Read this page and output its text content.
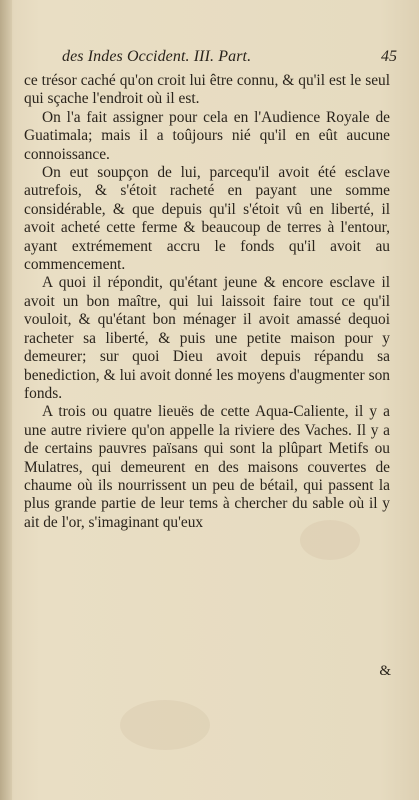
des Indes Occident. III. Part.	45

ce trésor caché qu'on croit lui être connu, & qu'il est le seul qui sçache l'endroit où il est.

On l'a fait assigner pour cela en l'Audience Royale de Guatimala; mais il a toûjours nié qu'il en eût aucune connoissance.

On eut soupçon de lui, parcequ'il avoit été esclave autrefois, & s'étoit racheté en payant une somme considérable, & que depuis qu'il s'étoit vû en liberté, il avoit acheté cette ferme & beaucoup de terres à l'entour, ayant extrémement accru le fonds qu'il avoit au commencement.

A quoi il répondit, qu'étant jeune & encore esclave il avoit un bon maître, qui lui laissoit faire tout ce qu'il vouloit, & qu'étant bon ménager il avoit amassé dequoi racheter sa liberté, & puis une petite maison pour y demeurer; sur quoi Dieu avoit depuis répandu sa benediction, & lui avoit donné les moyens d'augmenter son fonds.

A trois ou quatre lieuës de cette Aqua-Caliente, il y a une autre riviere qu'on appelle la riviere des Vaches. Il y a de certains pauvres païsans qui sont la plûpart Metifs ou Mulatres, qui demeurent en des maisons couvertes de chaume où ils nourrissent un peu de bétail, qui passent la plus grande partie de leur tems à chercher du sable où il y ait de l'or, s'imaginant qu'eux

&
